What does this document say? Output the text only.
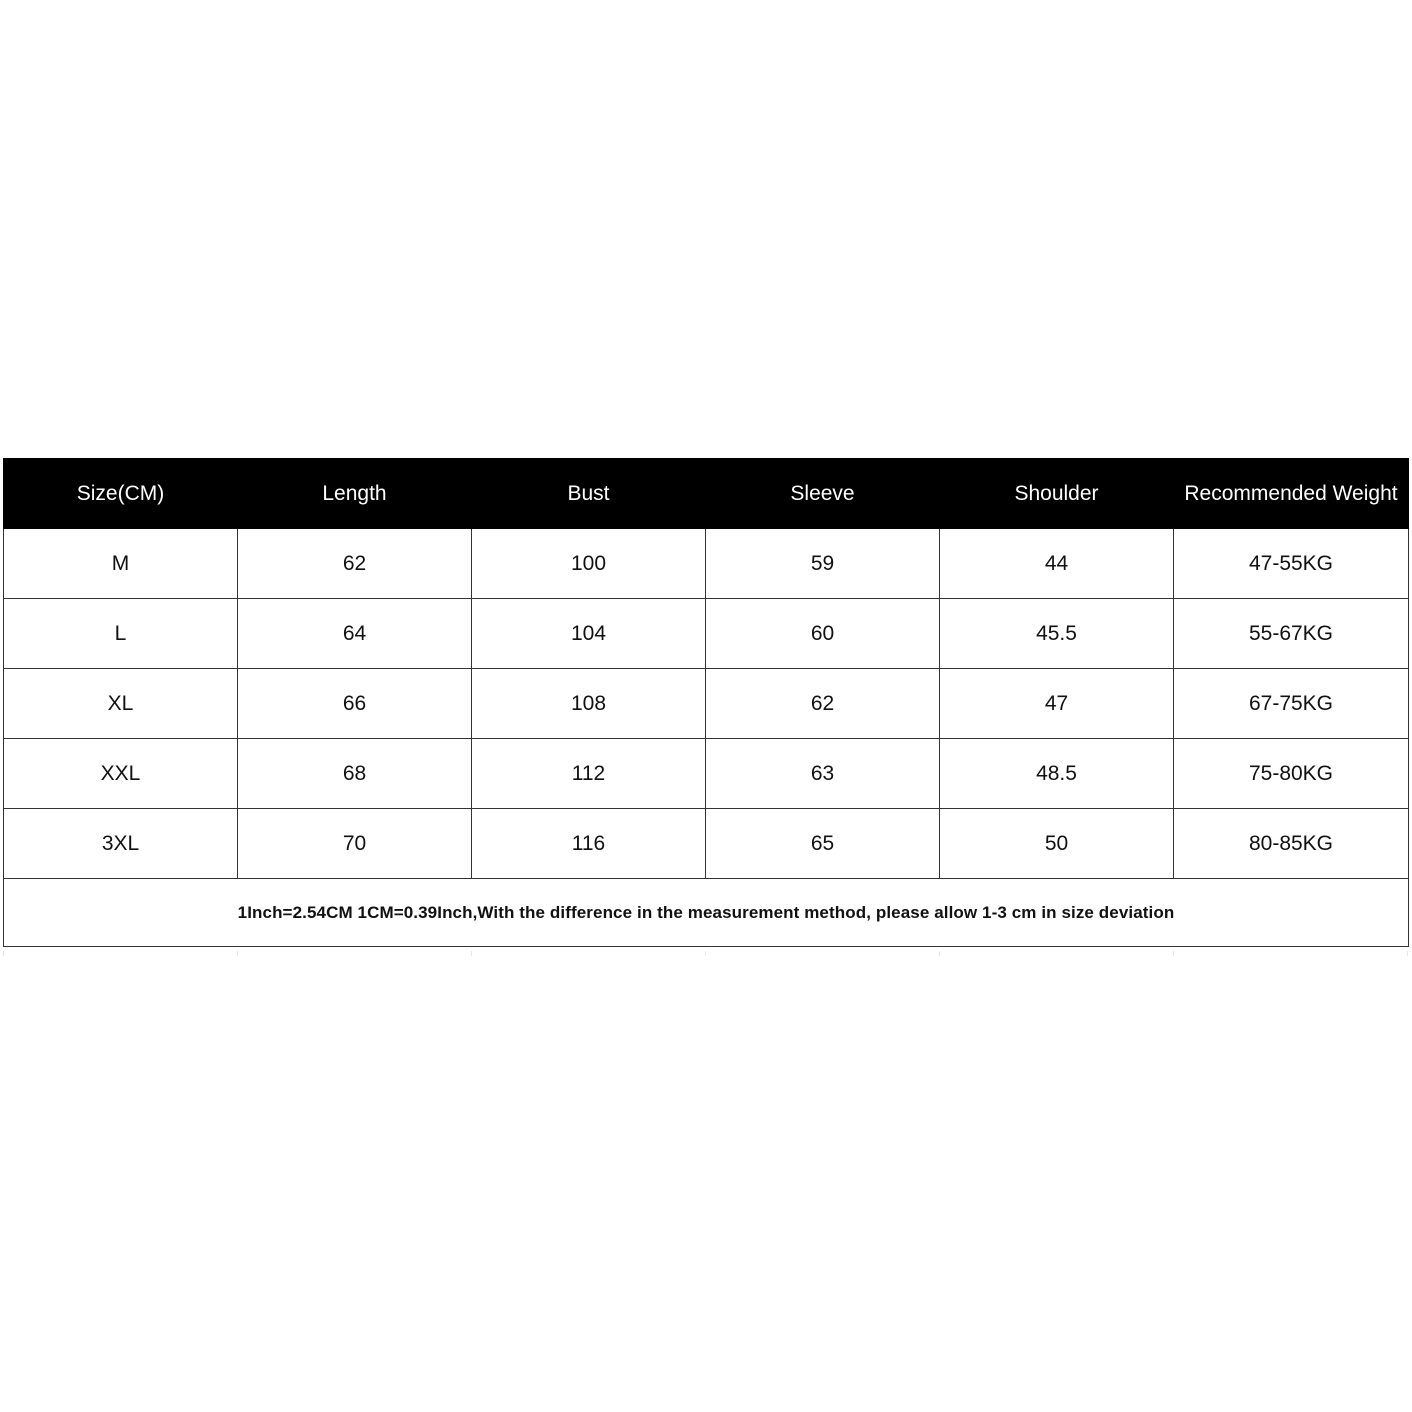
Size(CM)	Length	Bust	Sleeve	Shoulder	Recommended Weight
M	62	100	59	44	47-55KG
L	64	104	60	45.5	55-67KG
XL	66	108	62	47	67-75KG
XXL	68	112	63	48.5	75-80KG
3XL	70	116	65	50	80-85KG
1Inch=2.54CM 1CM=0.39Inch,With the difference in the measurement method, please allow 1-3 cm in size deviation					
